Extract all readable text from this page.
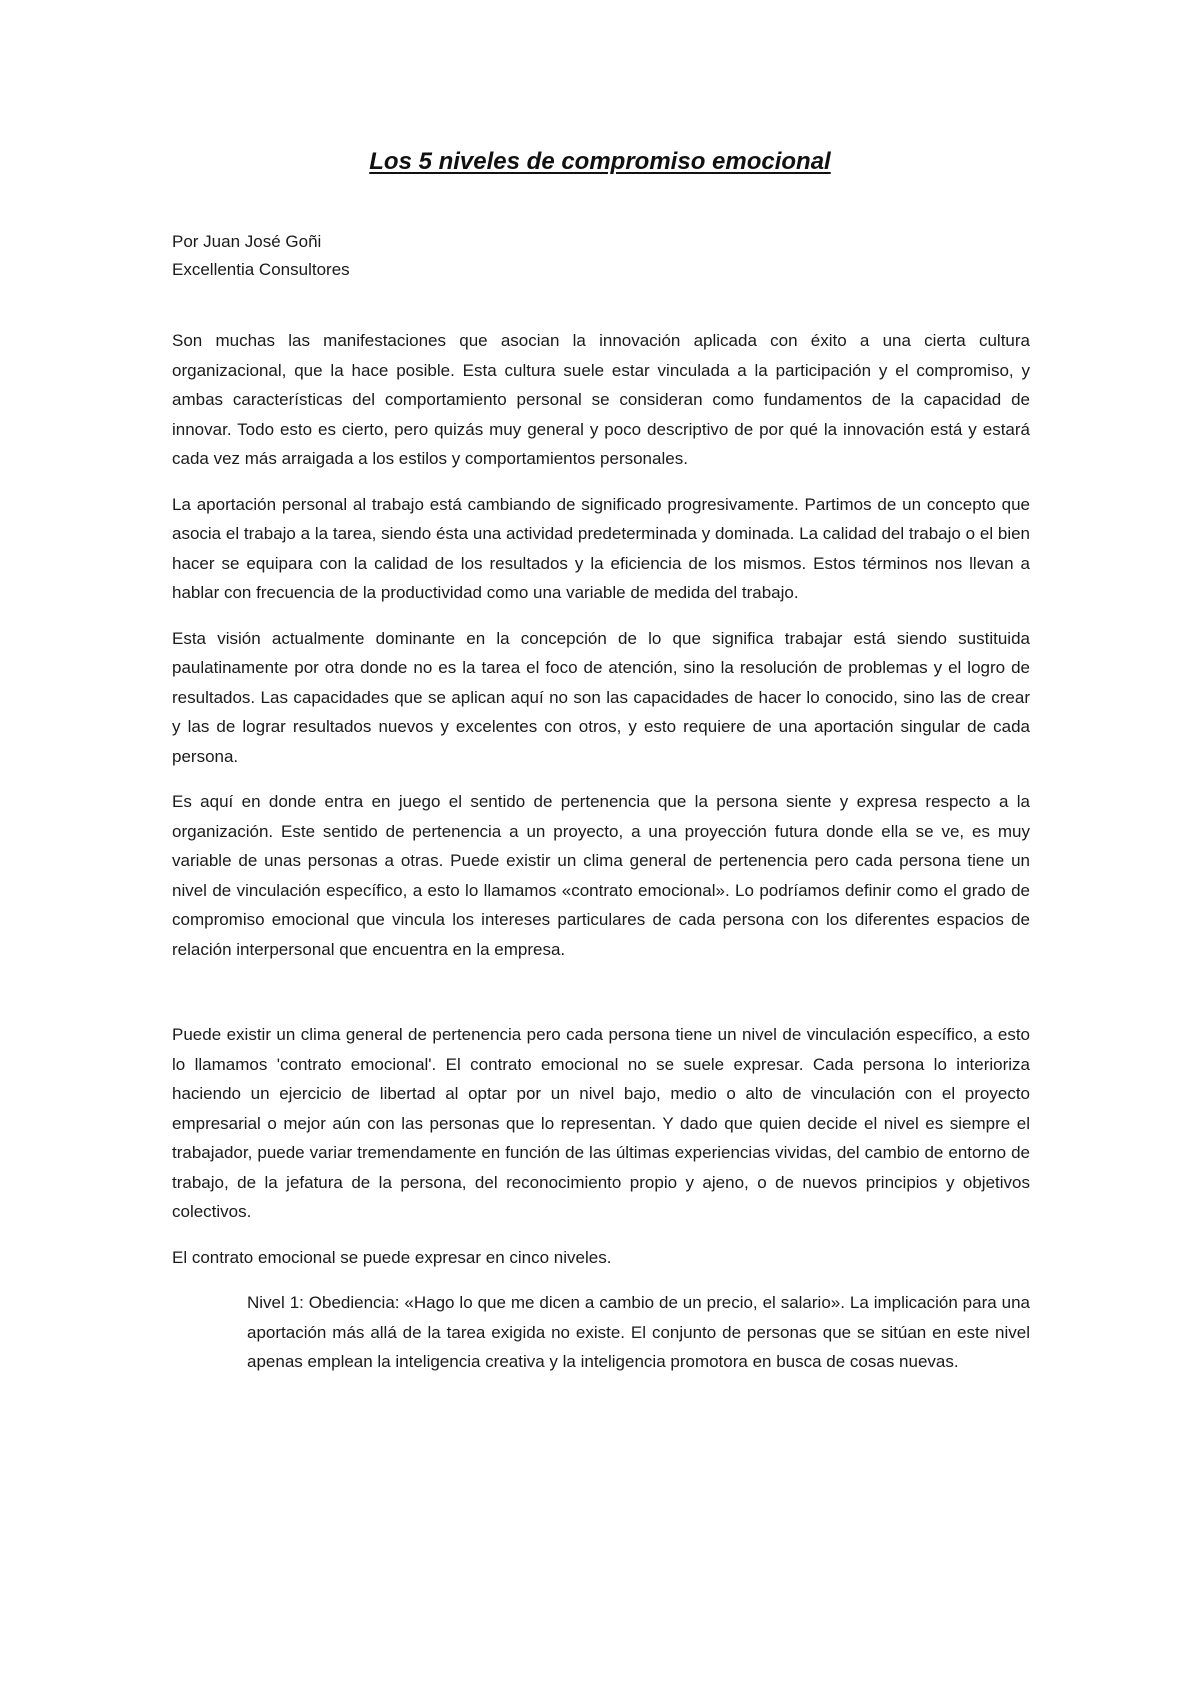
Los 5 niveles de compromiso emocional
Por Juan José Goñi
Excellentia Consultores

Son muchas las manifestaciones que asocian la innovación aplicada con éxito a una cierta cultura organizacional, que la hace posible. Esta cultura suele estar vinculada a la participación y el compromiso, y ambas características del comportamiento personal se consideran como fundamentos de la capacidad de innovar. Todo esto es cierto, pero quizás muy general y poco descriptivo de por qué la innovación está y estará cada vez más arraigada a los estilos y comportamientos personales.

La aportación personal al trabajo está cambiando de significado progresivamente. Partimos de un concepto que asocia el trabajo a la tarea, siendo ésta una actividad predeterminada y dominada. La calidad del trabajo o el bien hacer se equipara con la calidad de los resultados y la eficiencia de los mismos. Estos términos nos llevan a hablar con frecuencia de la productividad como una variable de medida del trabajo.

Esta visión actualmente dominante en la concepción de lo que significa trabajar está siendo sustituida paulatinamente por otra donde no es la tarea el foco de atención, sino la resolución de problemas y el logro de resultados. Las capacidades que se aplican aquí no son las capacidades de hacer lo conocido, sino las de crear y las de lograr resultados nuevos y excelentes con otros, y esto requiere de una aportación singular de cada persona.

Es aquí en donde entra en juego el sentido de pertenencia que la persona siente y expresa respecto a la organización. Este sentido de pertenencia a un proyecto, a una proyección futura donde ella se ve, es muy variable de unas personas a otras. Puede existir un clima general de pertenencia pero cada persona tiene un nivel de vinculación específico, a esto lo llamamos «contrato emocional». Lo podríamos definir como el grado de compromiso emocional que vincula los intereses particulares de cada persona con los diferentes espacios de relación interpersonal que encuentra en la empresa.

Puede existir un clima general de pertenencia pero cada persona tiene un nivel de vinculación específico, a esto lo llamamos 'contrato emocional'. El contrato emocional no se suele expresar. Cada persona lo interioriza haciendo un ejercicio de libertad al optar por un nivel bajo, medio o alto de vinculación con el proyecto empresarial o mejor aún con las personas que lo representan. Y dado que quien decide el nivel es siempre el trabajador, puede variar tremendamente en función de las últimas experiencias vividas, del cambio de entorno de trabajo, de la jefatura de la persona, del reconocimiento propio y ajeno, o de nuevos principios y objetivos colectivos.

El contrato emocional se puede expresar en cinco niveles.

Nivel 1: Obediencia: «Hago lo que me dicen a cambio de un precio, el salario». La implicación para una aportación más allá de la tarea exigida no existe. El conjunto de personas que se sitúan en este nivel apenas emplean la inteligencia creativa y la inteligencia promotora en busca de cosas nuevas.
